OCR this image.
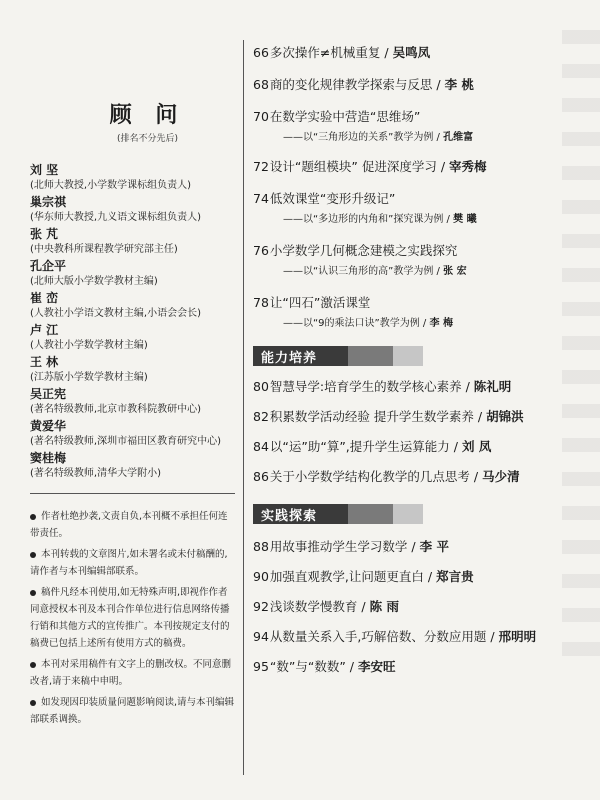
顾 问
(排名不分先后)

刘 坚

(北师大教授,小学数学课标组负责人)

巢宗祺

(华东师大教授,九义语文课标组负责人)

张 芃

(中央教科所课程教学研究部主任)

孔企平

(北师大版小学数学教材主编)

崔 峦

(人教社小学语文教材主编,小语会会长)

卢 江

(人教社小学数学教材主编)

王 林

(江苏版小学数学教材主编)

吴正宪

(著名特级教师,北京市教科院教研中心)

黄爱华

(著名特级教师,深圳市福田区教育研究中心)

窦桂梅

(著名特级教师,清华大学附小)

作者杜绝抄袭,文责自负,本刊概不承担任何连带责任。

本刊转载的文章图片,如未署名或未付稿酬的,请作者与本刊编辑部联系。

稿件凡经本刊使用,如无特殊声明,即视作作者同意授权本刊及本刊合作单位进行信息网络传播行销和其他方式的宣传推广。本刊按规定支付的稿费已包括上述所有使用方式的稿费。

本刊对采用稿件有文字上的删改权。不同意删改者,请于来稿中申明。

如发现因印装质量问题影响阅读,请与本刊编辑部联系调换。

66多次操作≠机械重复 / 吴鸣凤

68商的变化规律教学探索与反思 / 李 桃

70在数学实验中营造“思维场”

——以“三角形边的关系”教学为例 / 孔维富

72设计“题组模块” 促进深度学习 / 宰秀梅

74低效课堂“变形升级记”

——以“多边形的内角和”探究课为例 / 樊 曦

76小学数学几何概念建模之实践探究

——以“认识三角形的高”教学为例 / 张 宏

78让“四石”激活课堂

——以“9的乘法口诀”教学为例 / 李 梅

能力培养

80智慧导学:培育学生的数学核心素养 / 陈礼明

82积累数学活动经验 提升学生数学素养 / 胡锦洪

84以“运”助“算”,提升学生运算能力 / 刘 凤

86关于小学数学结构化教学的几点思考 / 马少清

实践探索

88用故事推动学生学习数学 / 李 平

90加强直观教学,让问题更直白 / 郑言贵

92浅谈数学慢教育 / 陈 雨

94从数量关系入手,巧解倍数、分数应用题 / 邢明明

95“数”与“数数” / 李安旺
